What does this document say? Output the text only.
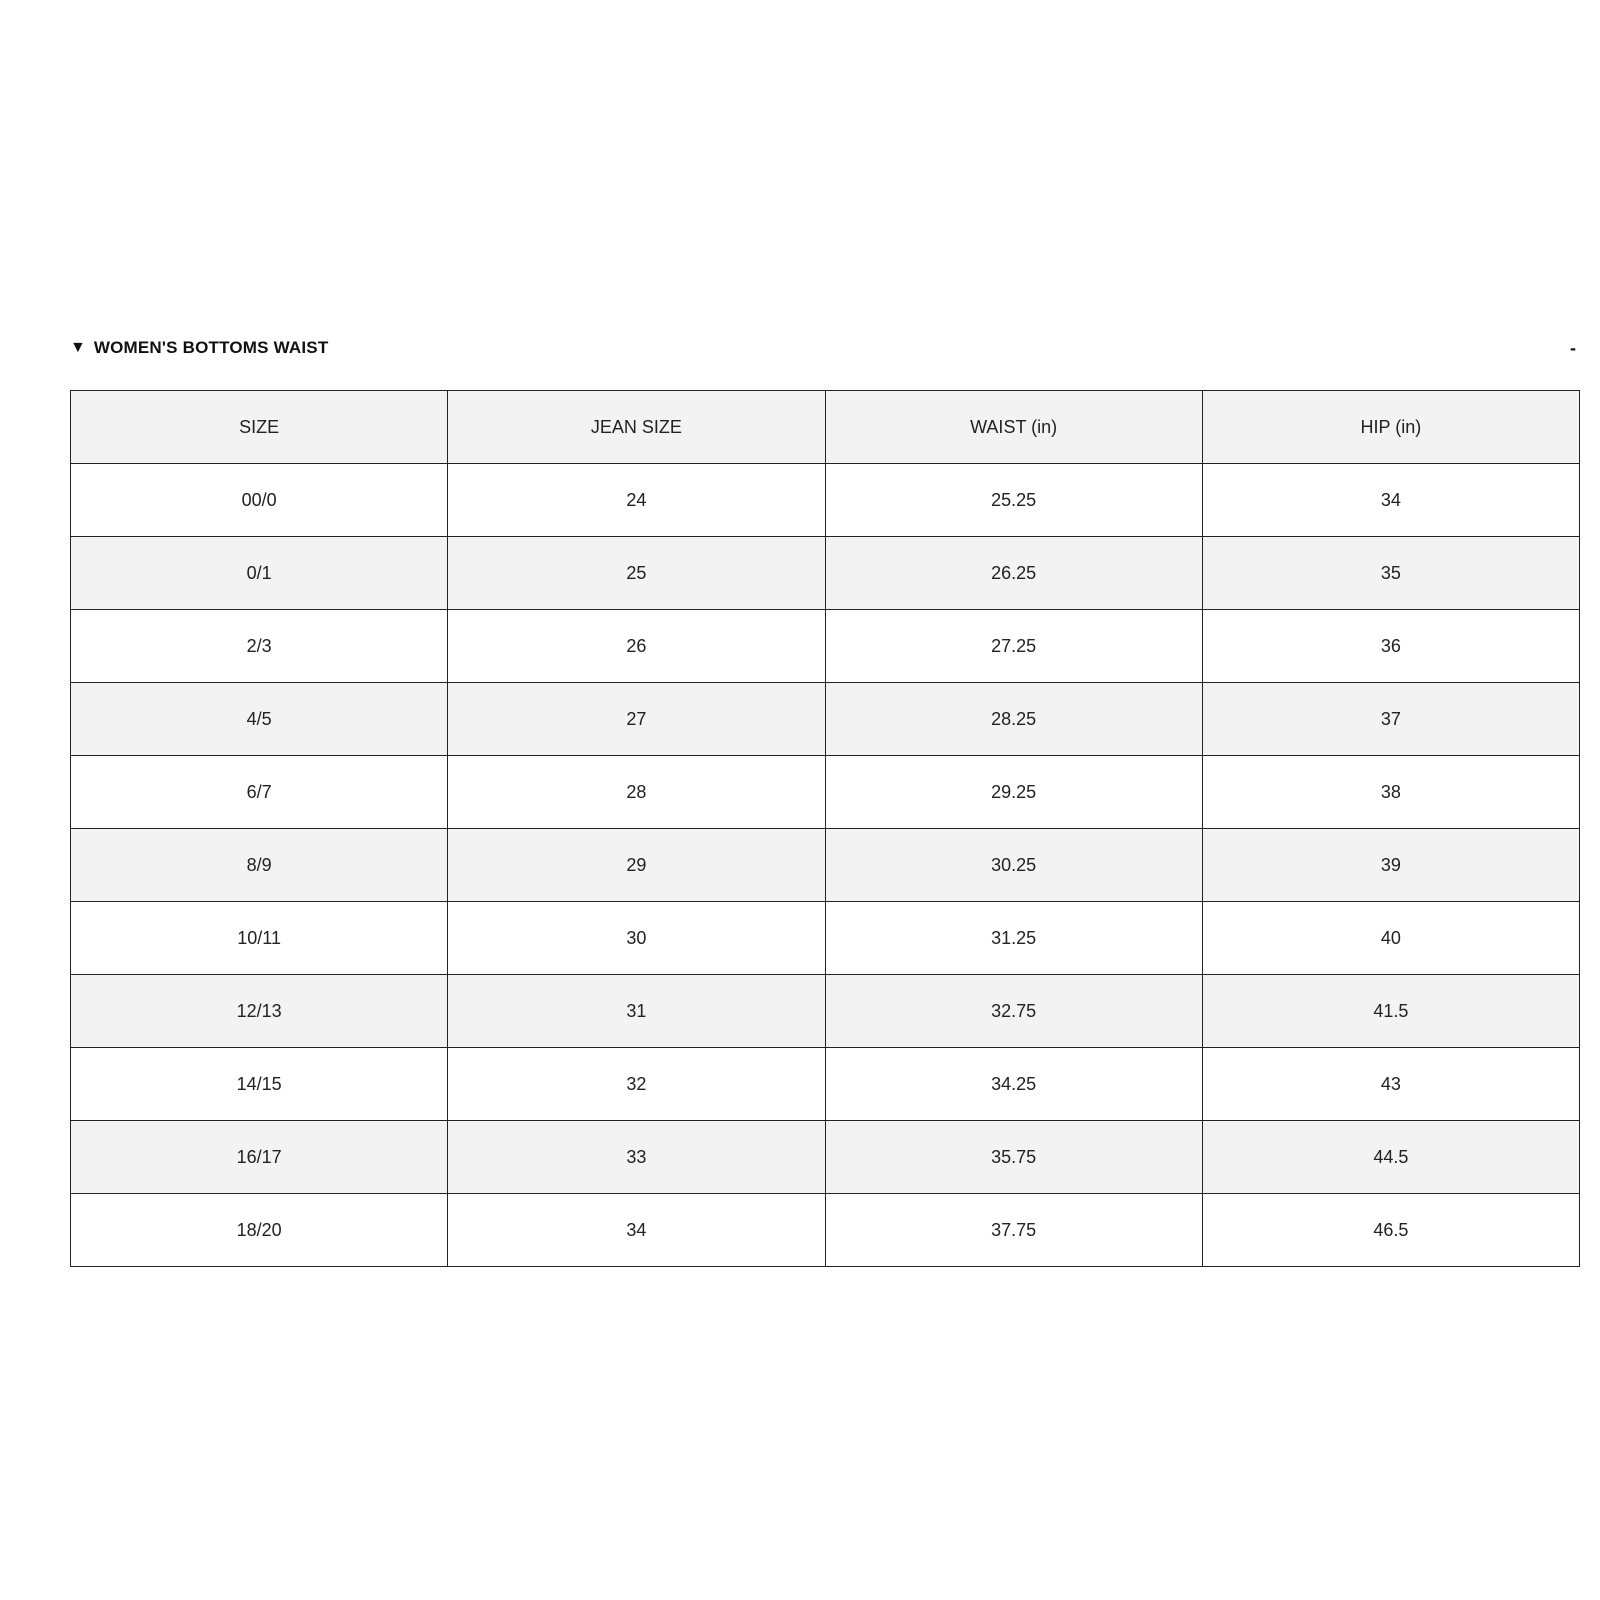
▼ WOMEN'S BOTTOMS WAIST	-
SIZE	JEAN SIZE	WAIST (in)	HIP (in)
00/0	24	25.25	34
0/1	25	26.25	35
2/3	26	27.25	36
4/5	27	28.25	37
6/7	28	29.25	38
8/9	29	30.25	39
10/11	30	31.25	40
12/13	31	32.75	41.5
14/15	32	34.25	43
16/17	33	35.75	44.5
18/20	34	37.75	46.5
